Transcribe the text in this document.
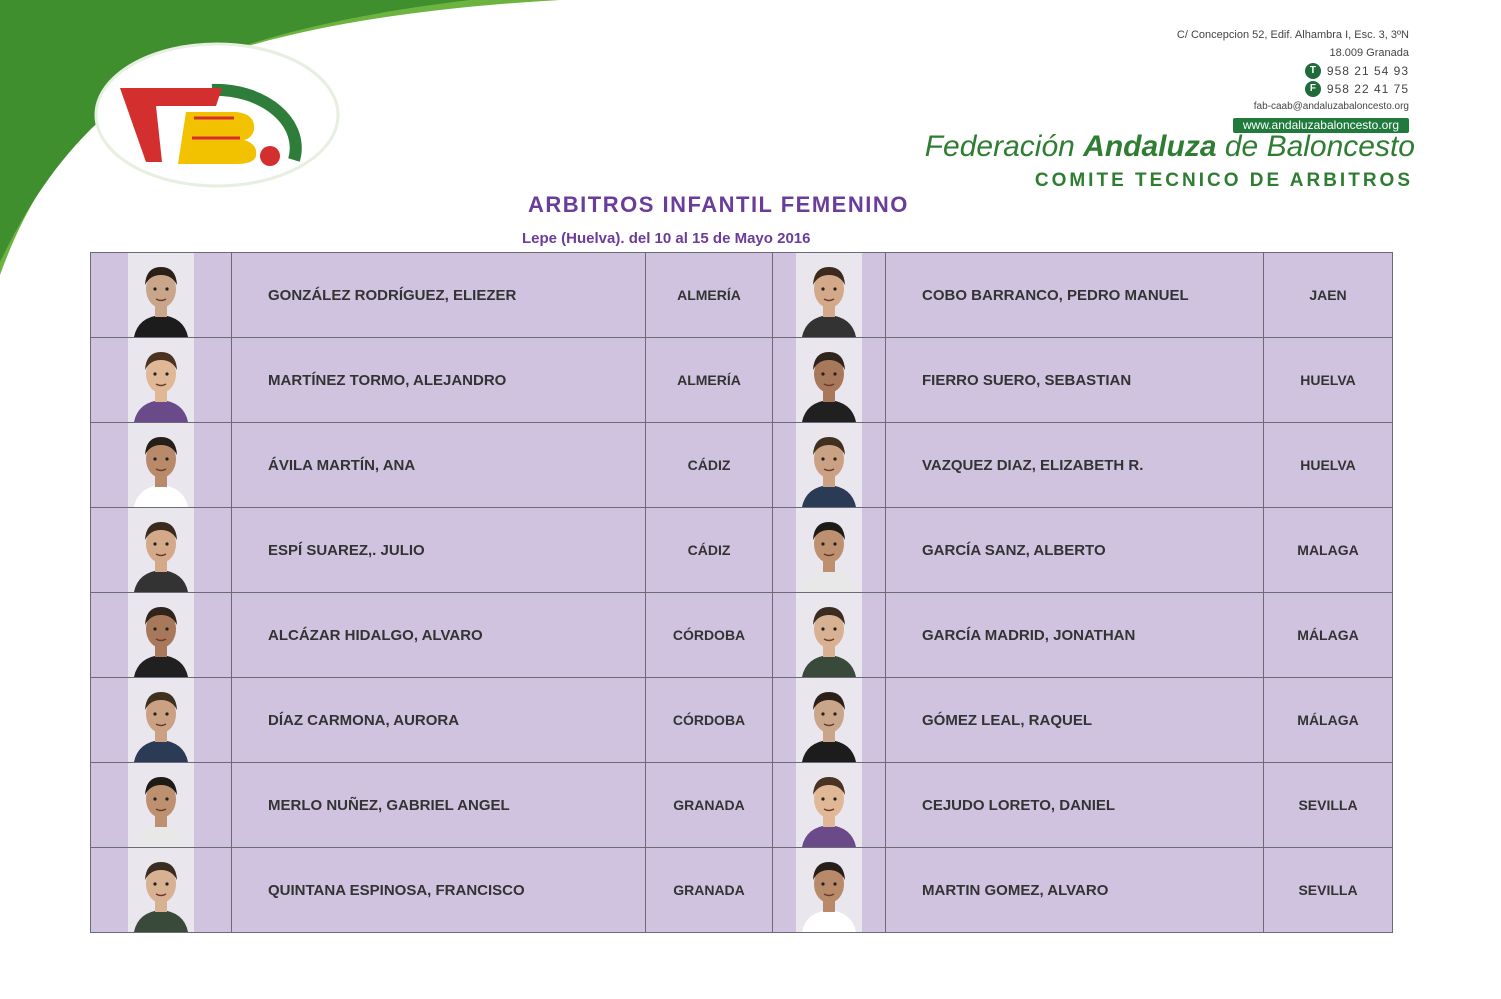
C/ Concepcion 52, Edif. Alhambra I, Esc. 3, 3ºN
18.009 Granada
T 958 21 54 93
F 958 22 41 75
fab-caab@andaluzabaloncesto.org
www.andaluzabaloncesto.org
Federación Andaluza de Baloncesto
COMITE TECNICO DE ARBITROS
ARBITROS INFANTIL FEMENINO
Lepe (Huelva). del 10 al 15 de Mayo 2016
	GONZÁLEZ RODRÍGUEZ, ELIEZER	ALMERÍA		COBO BARRANCO, PEDRO MANUEL	JAEN

	MARTÍNEZ TORMO, ALEJANDRO	ALMERÍA		FIERRO SUERO, SEBASTIAN	HUELVA

	ÁVILA MARTÍN, ANA	CÁDIZ		VAZQUEZ DIAZ, ELIZABETH R.	HUELVA

	ESPÍ SUAREZ,. JULIO	CÁDIZ		GARCÍA SANZ, ALBERTO	MALAGA

	ALCÁZAR HIDALGO, ALVARO	CÓRDOBA		GARCÍA MADRID, JONATHAN	MÁLAGA

	DÍAZ CARMONA, AURORA	CÓRDOBA		GÓMEZ LEAL, RAQUEL	MÁLAGA

	MERLO NUÑEZ, GABRIEL ANGEL	GRANADA		CEJUDO LORETO, DANIEL	SEVILLA

	QUINTANA ESPINOSA, FRANCISCO	GRANADA		MARTIN GOMEZ, ALVARO	SEVILLA
